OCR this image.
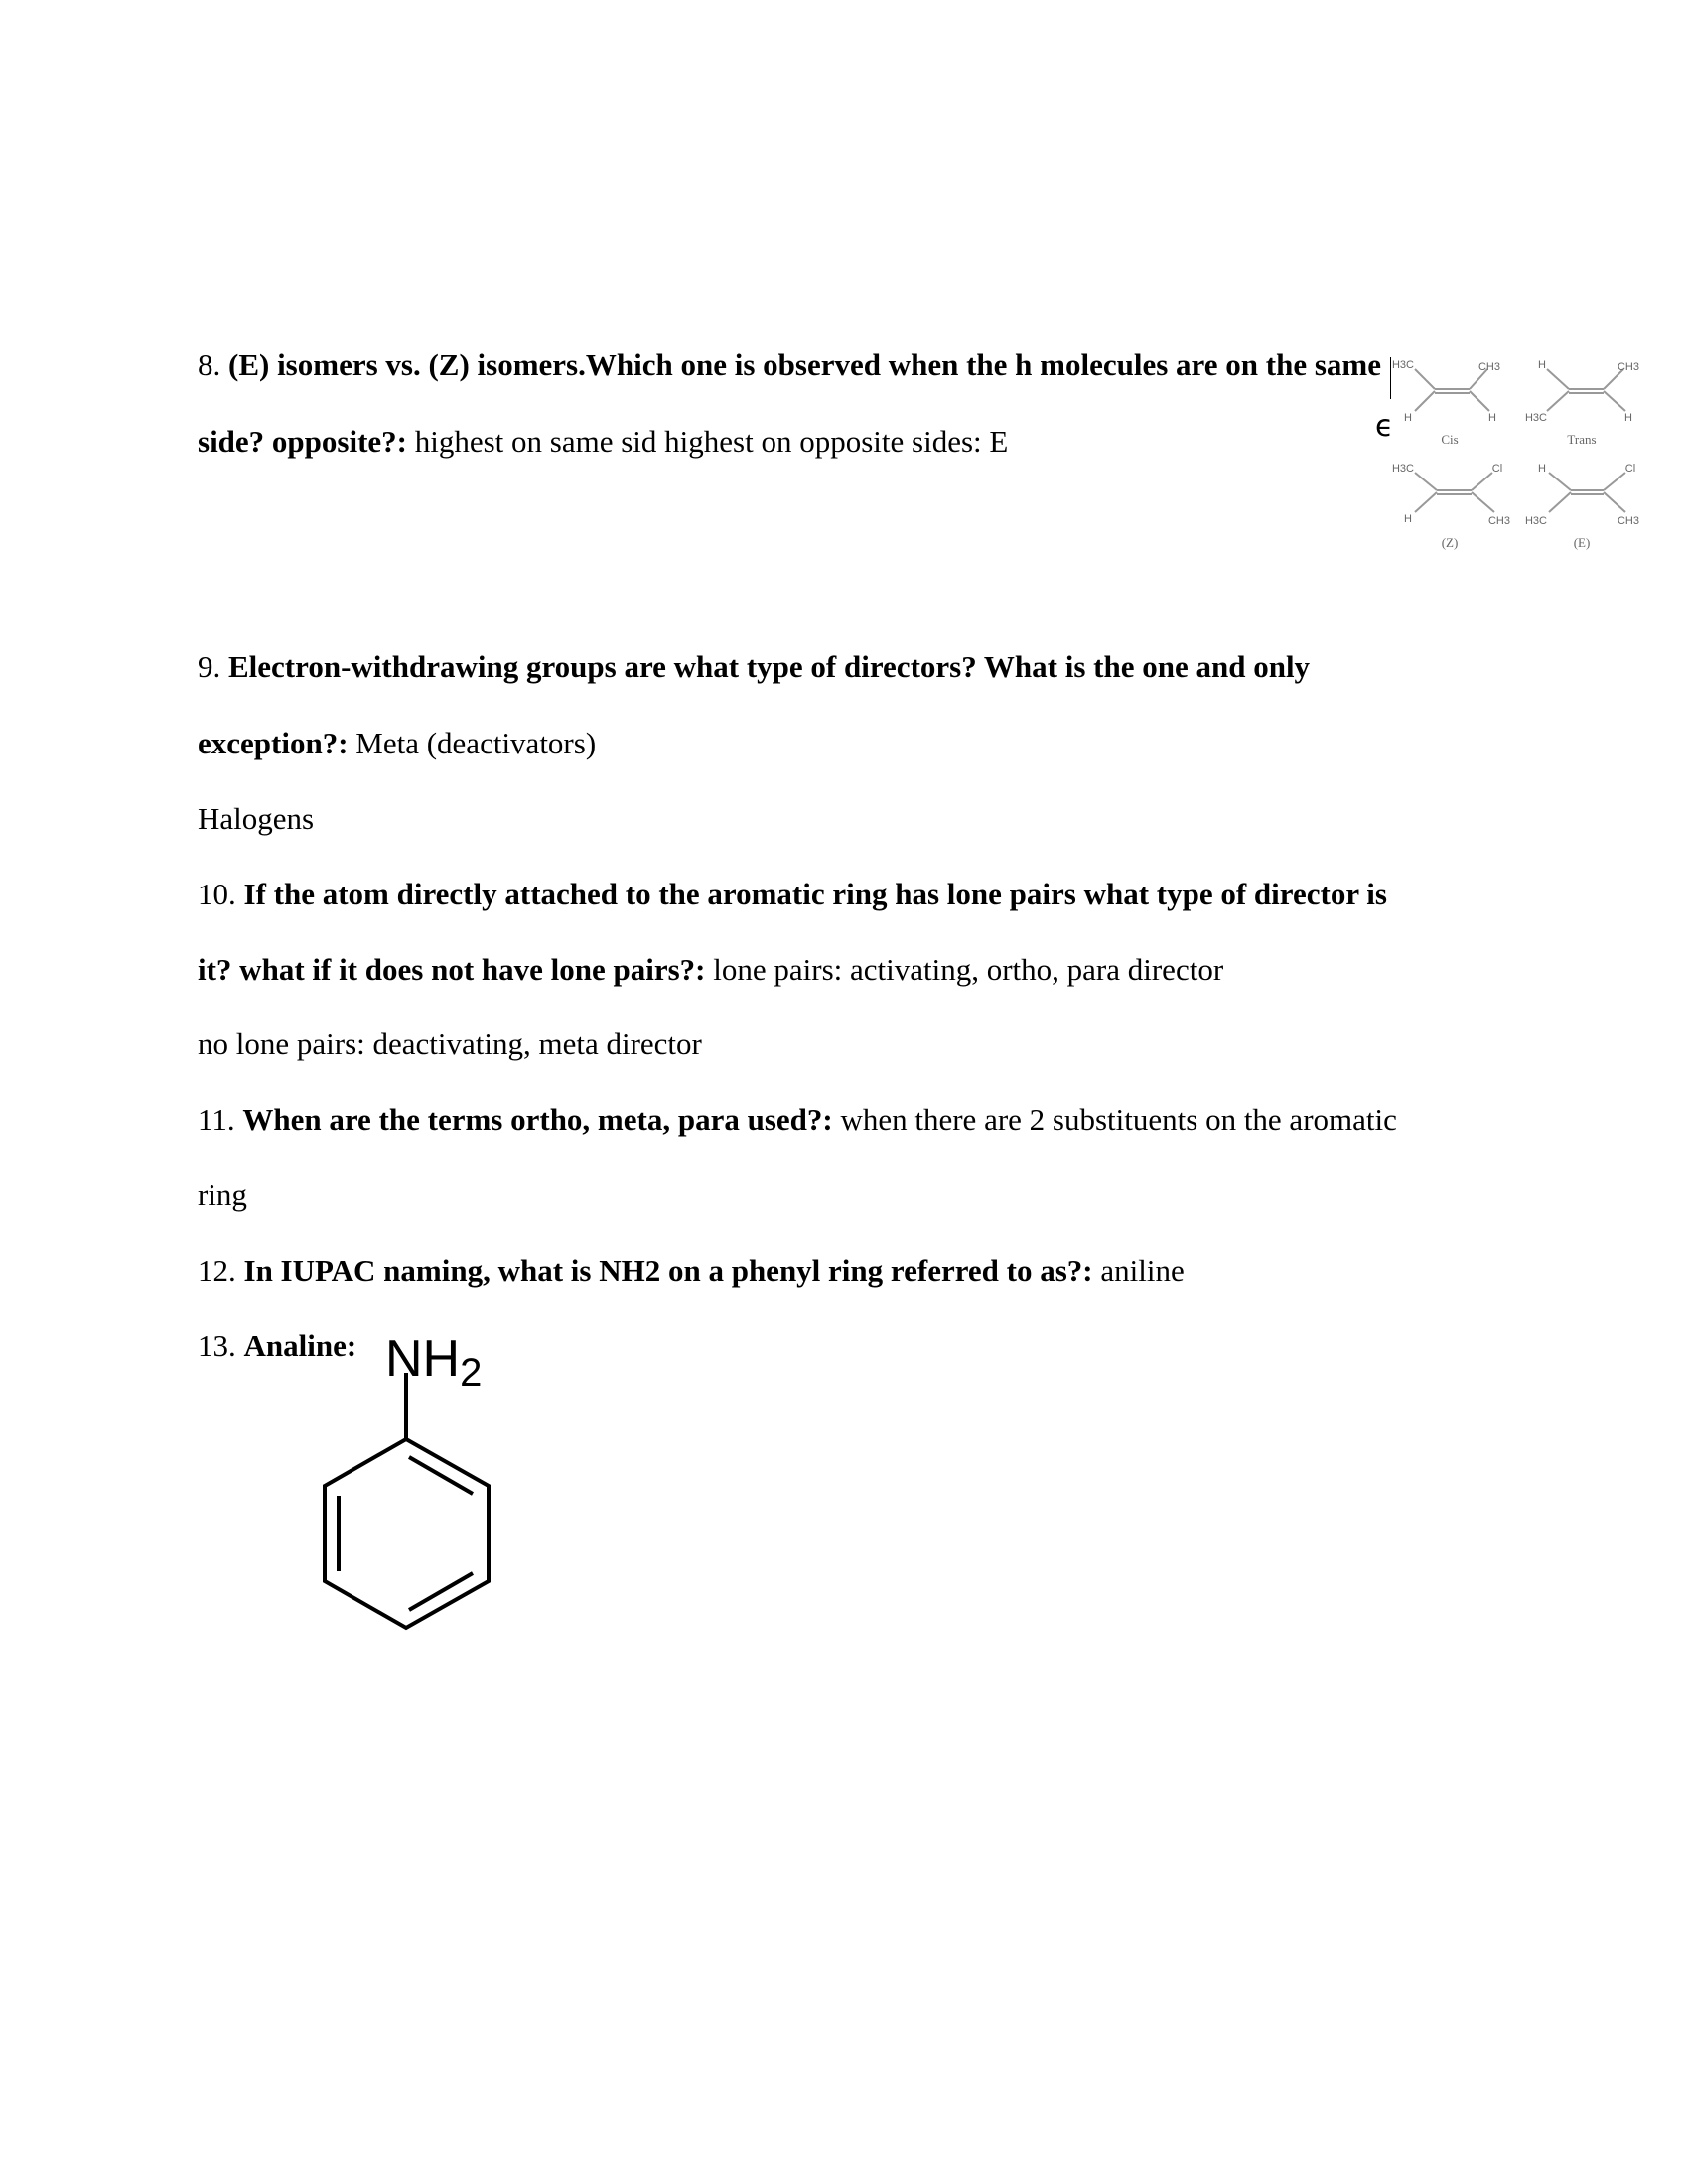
H3C	CH3
H	H
H	CH3
H3C	H
H3C	Cl
H	CH3
H	Cl
H3C	CH3
Cis	Trans
(Z)	(E)
ϵ
8. (E) isomers vs. (Z) isomers.Which one is observed when the h molecules are on the same
side? opposite?: highest on same sid highest on opposite sides: E
9. Electron-withdrawing groups are what type of directors? What is the one and only
exception?: Meta (deactivators)
Halogens
10. If the atom directly attached to the aromatic ring has lone pairs what type of director is
it? what if it does not have lone pairs?: lone pairs: activating, ortho, para director
no lone pairs: deactivating, meta director
11. When are the terms ortho, meta, para used?: when there are 2 substituents on the aromatic
ring
12. In IUPAC naming, what is NH2 on a phenyl ring referred to as?: aniline
13. Analine: NH2
